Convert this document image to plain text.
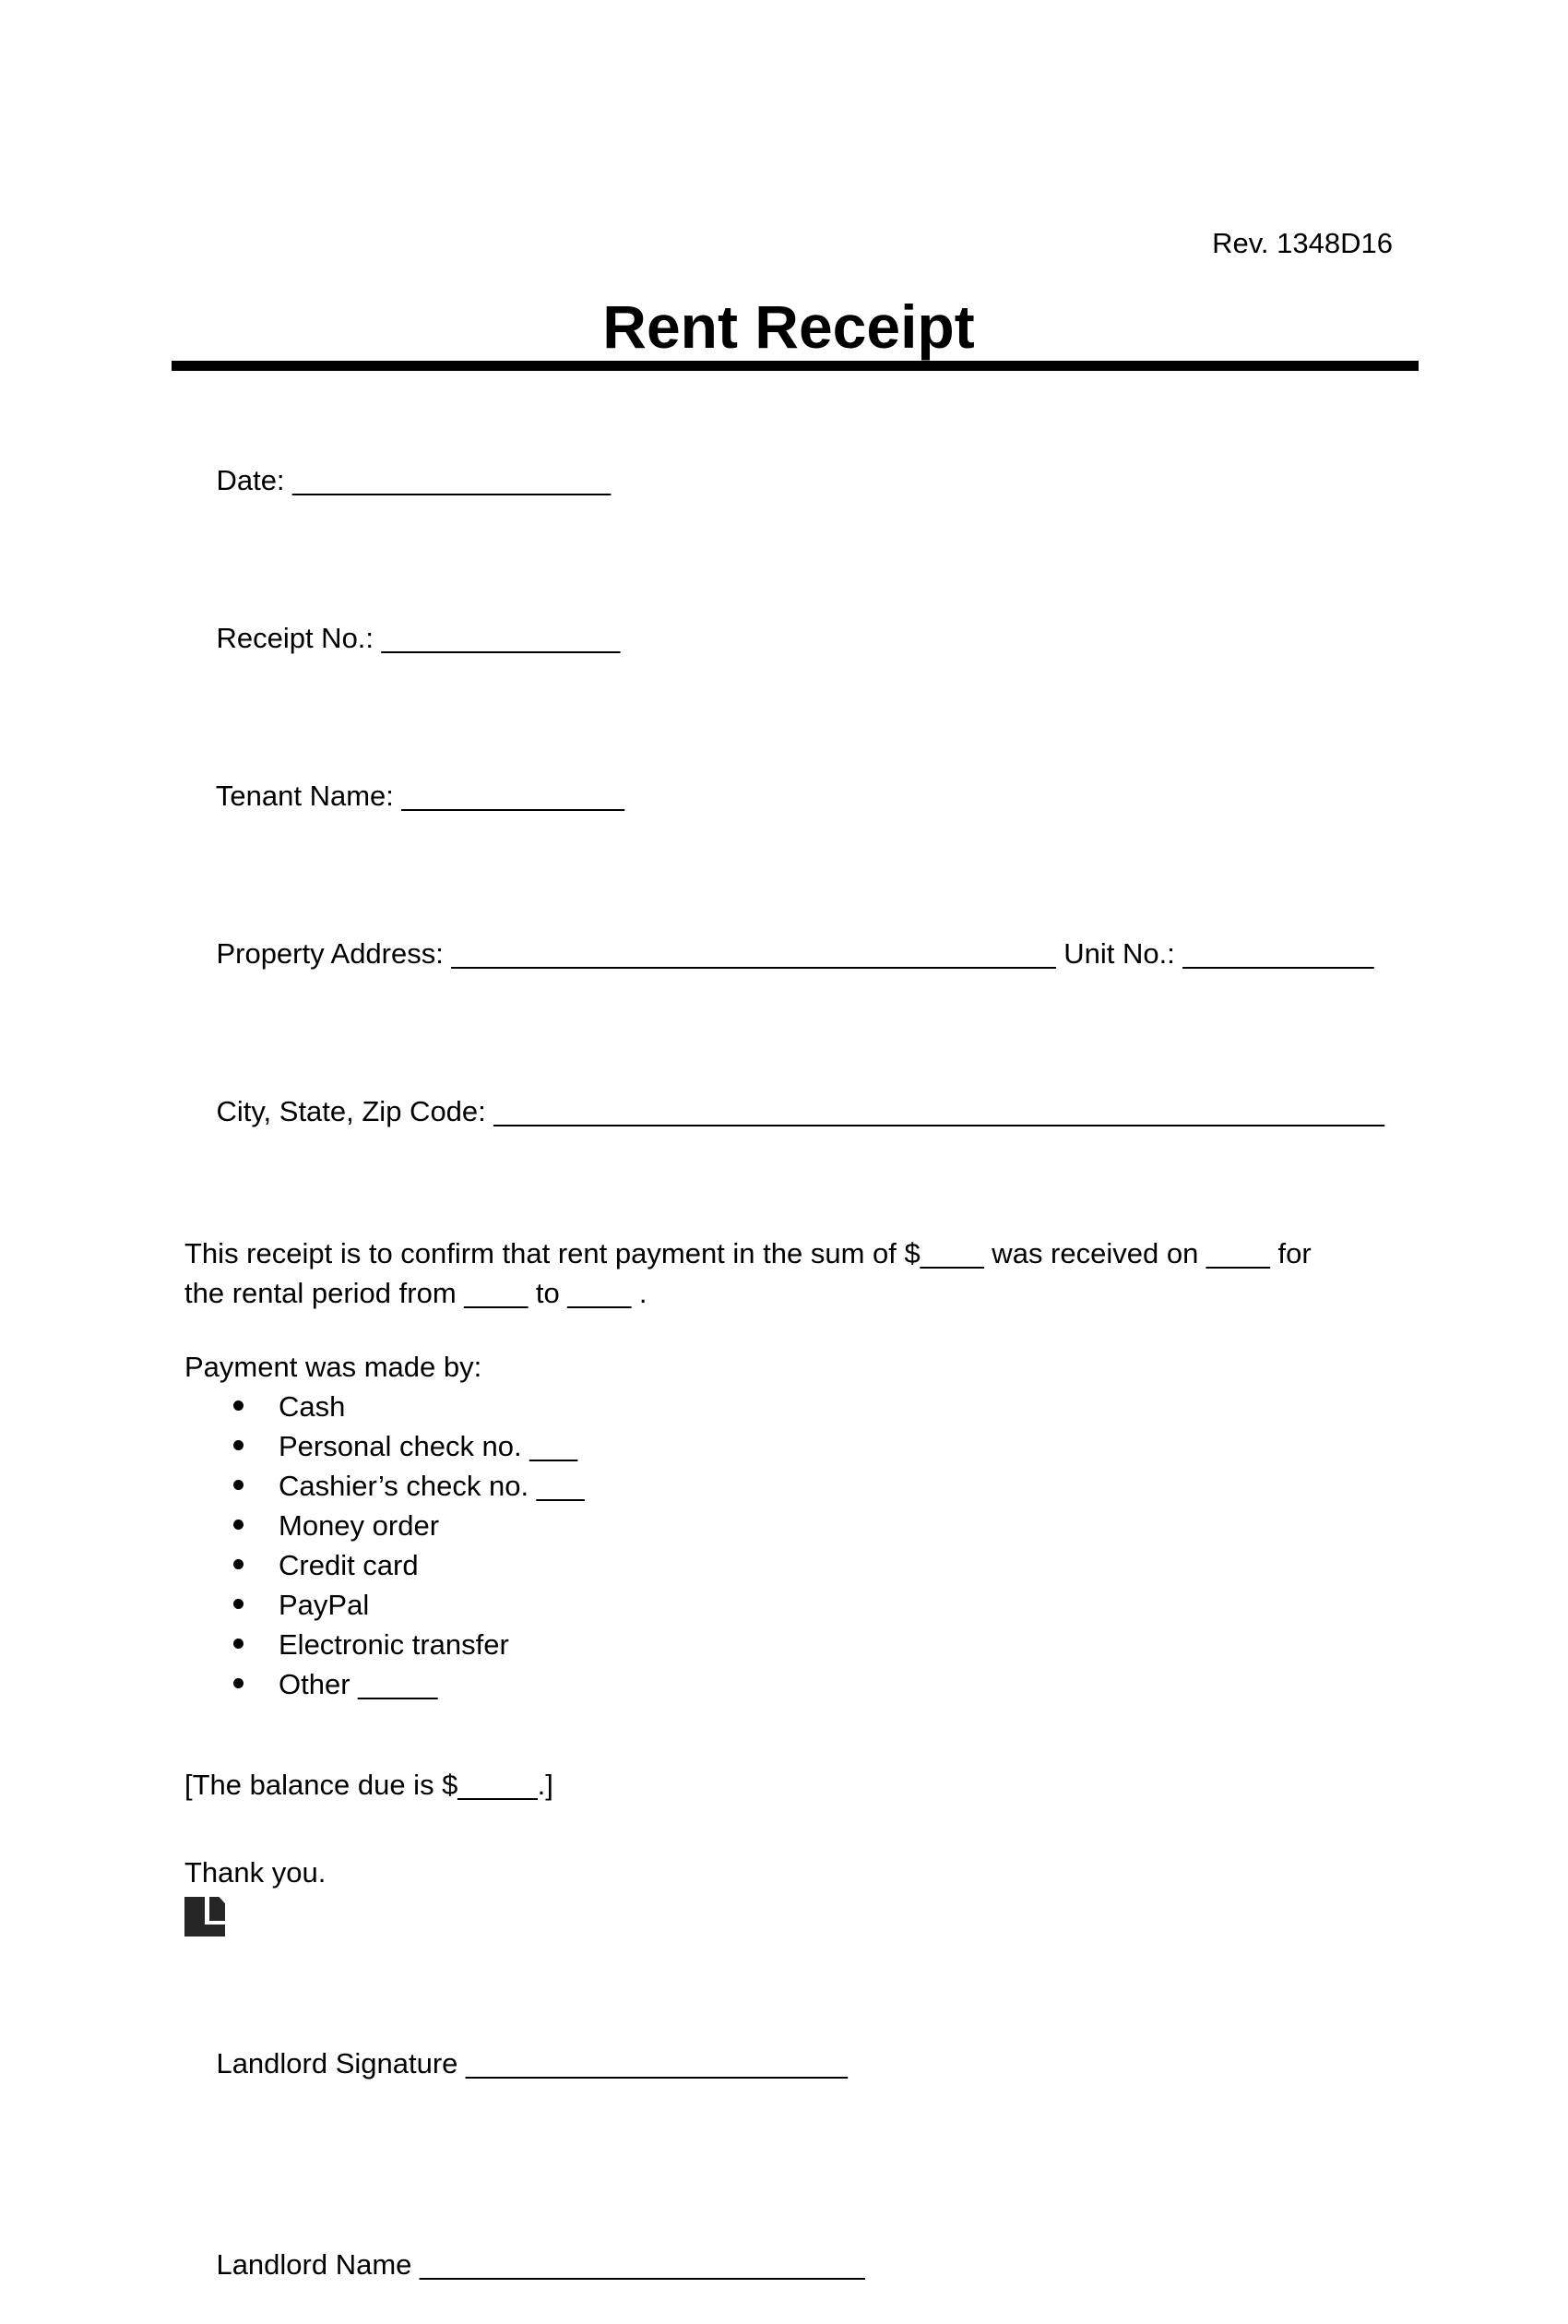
Rev. 1348D16
Rent Receipt

Date: ____________________

Receipt No.: _______________

Tenant Name: ______________

Property Address: ______________________________________ Unit No.: ____________

City, State, Zip Code: ________________________________________________________

This receipt is to confirm that rent payment in the sum of $____ was received on ____ for the rental period from ____ to ____ .

Payment was made by:

Cash
Personal check no. ___
Cashier’s check no. ___
Money order
Credit card
PayPal
Electronic transfer
Other _____

[The balance due is $_____.]

Thank you.

Landlord Signature ________________________

Landlord Name ____________________________
